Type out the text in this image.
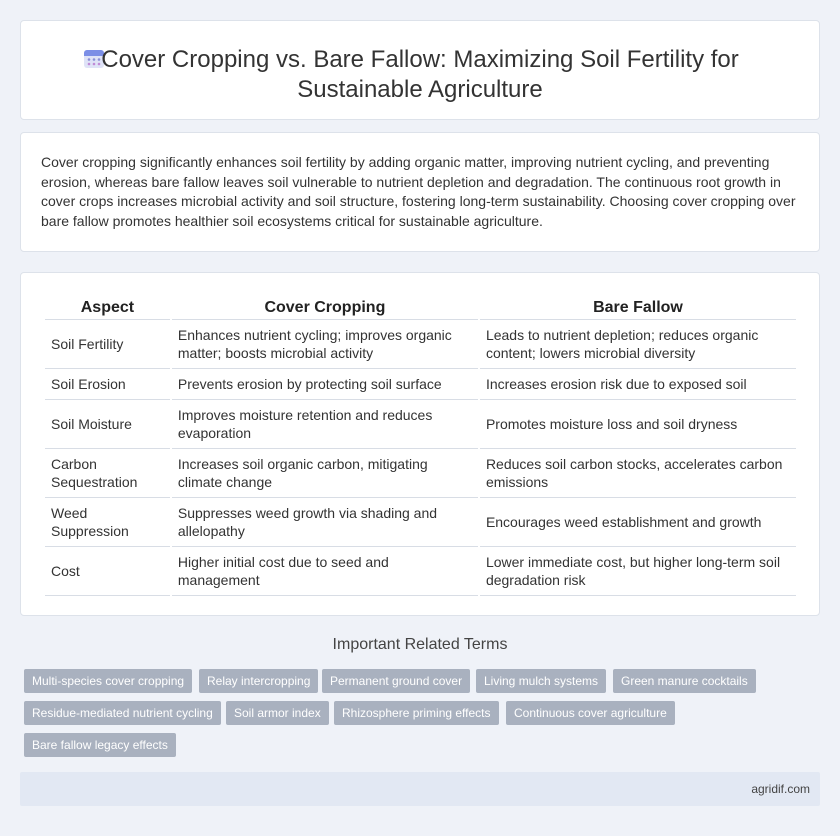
Cover Cropping vs. Bare Fallow: Maximizing Soil Fertility for Sustainable Agriculture

Cover cropping significantly enhances soil fertility by adding organic matter, improving nutrient cycling, and preventing erosion, whereas bare fallow leaves soil vulnerable to nutrient depletion and degradation. The continuous root growth in cover crops increases microbial activity and soil structure, fostering long-term sustainability. Choosing cover cropping over bare fallow promotes healthier soil ecosystems critical for sustainable agriculture.

Aspect	Cover Cropping	Bare Fallow
Soil Fertility	Enhances nutrient cycling; improves organic matter; boosts microbial activity	Leads to nutrient depletion; reduces organic content; lowers microbial diversity
Soil Erosion	Prevents erosion by protecting soil surface	Increases erosion risk due to exposed soil
Soil Moisture	Improves moisture retention and reduces evaporation	Promotes moisture loss and soil dryness
Carbon Sequestration	Increases soil organic carbon, mitigating climate change	Reduces soil carbon stocks, accelerates carbon emissions
Weed Suppression	Suppresses weed growth via shading and allelopathy	Encourages weed establishment and growth
Cost	Higher initial cost due to seed and management	Lower immediate cost, but higher long-term soil degradation risk
Important Related Terms
Multi-species cover cropping	Relay intercropping	Permanent ground cover	Living mulch systems	Green manure cocktails
Residue-mediated nutrient cycling	Soil armor index	Rhizosphere priming effects	Continuous cover agriculture
Bare fallow legacy effects
agridif.com
